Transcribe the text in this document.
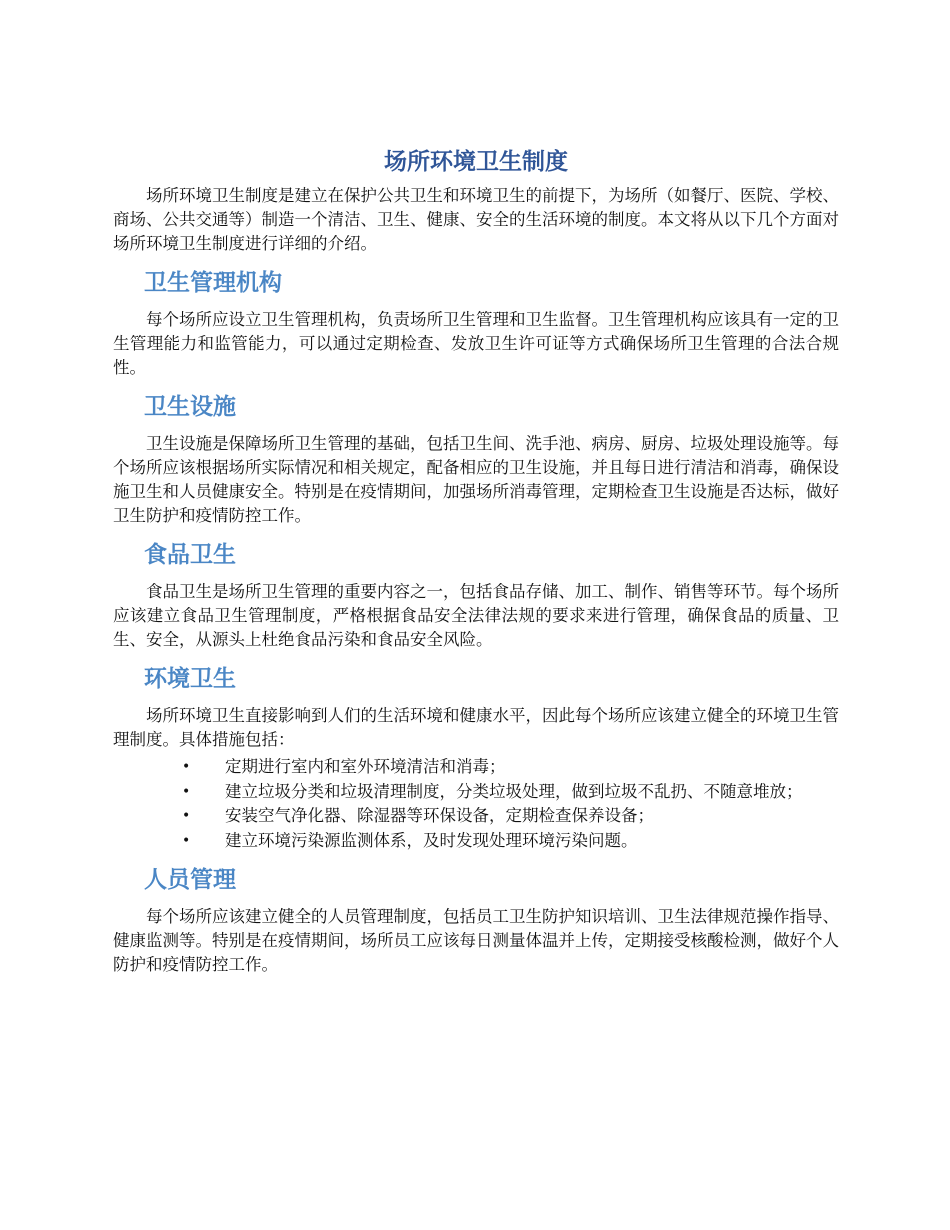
场所环境卫生制度

场所环境卫生制度是建立在保护公共卫生和环境卫生的前提下，为场所（如餐厅、医院、学校、商场、公共交通等）制造一个清洁、卫生、健康、安全的生活环境的制度。本文将从以下几个方面对场所环境卫生制度进行详细的介绍。

卫生管理机构

每个场所应设立卫生管理机构，负责场所卫生管理和卫生监督。卫生管理机构应该具有一定的卫生管理能力和监管能力，可以通过定期检查、发放卫生许可证等方式确保场所卫生管理的合法合规性。

卫生设施

卫生设施是保障场所卫生管理的基础，包括卫生间、洗手池、病房、厨房、垃圾处理设施等。每个场所应该根据场所实际情况和相关规定，配备相应的卫生设施，并且每日进行清洁和消毒，确保设施卫生和人员健康安全。特别是在疫情期间，加强场所消毒管理，定期检查卫生设施是否达标，做好卫生防护和疫情防控工作。

食品卫生

食品卫生是场所卫生管理的重要内容之一，包括食品存储、加工、制作、销售等环节。每个场所应该建立食品卫生管理制度，严格根据食品安全法律法规的要求来进行管理，确保食品的质量、卫生、安全，从源头上杜绝食品污染和食品安全风险。

环境卫生

场所环境卫生直接影响到人们的生活环境和健康水平，因此每个场所应该建立健全的环境卫生管理制度。具体措施包括：

• 定期进行室内和室外环境清洁和消毒；
• 建立垃圾分类和垃圾清理制度，分类垃圾处理，做到垃圾不乱扔、不随意堆放；
• 安装空气净化器、除湿器等环保设备，定期检查保养设备；
• 建立环境污染源监测体系，及时发现处理环境污染问题。
人员管理

每个场所应该建立健全的人员管理制度，包括员工卫生防护知识培训、卫生法律规范操作指导、健康监测等。特别是在疫情期间，场所员工应该每日测量体温并上传，定期接受核酸检测，做好个人防护和疫情防控工作。
